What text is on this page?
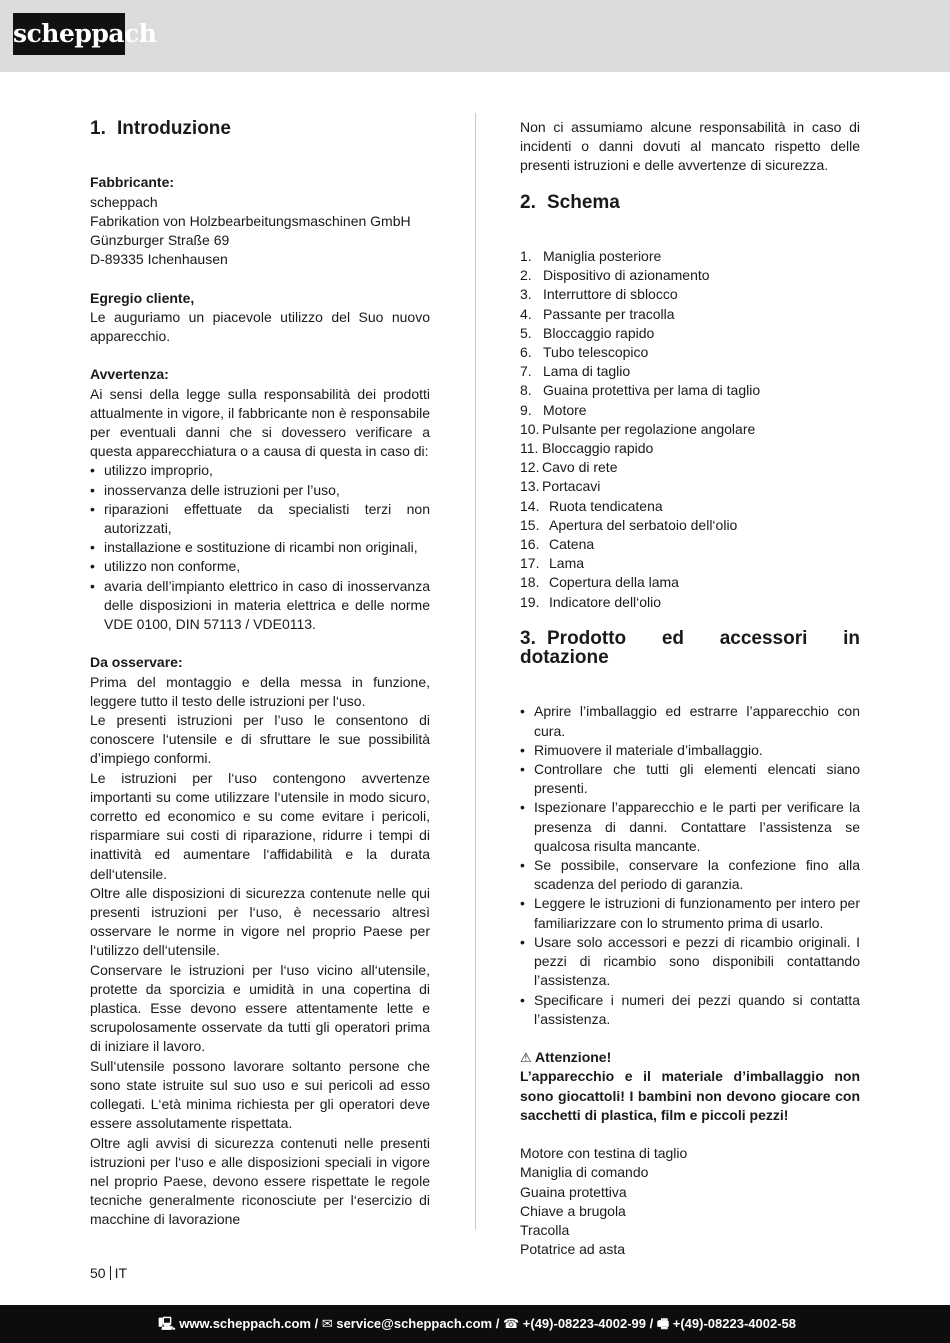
scheppach
1. Introduzione

Fabbricante:

scheppach

Fabrikation von Holzbearbeitungsmaschinen GmbH

Günzburger Straße 69

D-89335 Ichenhausen

Egregio cliente,

Le auguriamo un piacevole utilizzo del Suo nuovo apparecchio.

Avvertenza:

Ai sensi della legge sulla responsabilità dei prodotti attualmente in vigore, il fabbricante non è responsabile per eventuali danni che si dovessero verificare a questa apparecchiatura o a causa di questa in caso di:

• utilizzo improprio,
• inosservanza delle istruzioni per l’uso,
• riparazioni effettuate da specialisti terzi non autorizzati,
• installazione e sostituzione di ricambi non originali,
• utilizzo non conforme,
• avaria dell’impianto elettrico in caso di inosservanza delle disposizioni in materia elettrica e delle norme VDE 0100, DIN 57113 / VDE0113.

Da osservare:

Prima del montaggio e della messa in funzione, leggere tutto il testo delle istruzioni per l‘uso.

Le presenti istruzioni per l’uso le consentono di conoscere l‘utensile e di sfruttare le sue possibilità d’impiego conformi.

Le istruzioni per l‘uso contengono avvertenze importanti su come utilizzare l‘utensile in modo sicuro, corretto ed economico e su come evitare i pericoli, risparmiare sui costi di riparazione, ridurre i tempi di inattività ed aumentare l‘affidabilità e la durata dell‘utensile.

Oltre alle disposizioni di sicurezza contenute nelle qui presenti istruzioni per l‘uso, è necessario altresì osservare le norme in vigore nel proprio Paese per l‘utilizzo dell‘utensile.

Conservare le istruzioni per l‘uso vicino all‘utensile, protette da sporcizia e umidità in una copertina di plastica. Esse devono essere attentamente lette e scrupolosamente osservate da tutti gli operatori prima di iniziare il lavoro.

Sull‘utensile possono lavorare soltanto persone che sono state istruite sul suo uso e sui pericoli ad esso collegati. L‘età minima richiesta per gli operatori deve essere assolutamente rispettata.

Oltre agli avvisi di sicurezza contenuti nelle presenti istruzioni per l‘uso e alle disposizioni speciali in vigore nel proprio Paese, devono essere rispettate le regole tecniche generalmente riconosciute per l‘esercizio di macchine di lavorazione

Non ci assumiamo alcune responsabilità in caso di incidenti o danni dovuti al mancato rispetto delle presenti istruzioni e delle avvertenze di sicurezza.

2. Schema
1. Maniglia posteriore
2. Dispositivo di azionamento
3. Interruttore di sblocco
4. Passante per tracolla
5. Bloccaggio rapido
6. Tubo telescopico
7. Lama di taglio
8. Guaina protettiva per lama di taglio
9. Motore
10. Pulsante per regolazione angolare
11. Bloccaggio rapido
12. Cavo di rete
13. Portacavi
14. Ruota tendicatena
15. Apertura del serbatoio dell‘olio
16. Catena
17. Lama
18. Copertura della lama
19. Indicatore dell‘olio
3. Prodotto ed accessori in dotazione
• Aprire l’imballaggio ed estrarre l’apparecchio con cura.
• Rimuovere il materiale d’imballaggio.
• Controllare che tutti gli elementi elencati siano presenti.
• Ispezionare l’apparecchio e le parti per verificare la presenza di danni. Contattare l’assistenza se qualcosa risulta mancante.
• Se possibile, conservare la confezione fino alla scadenza del periodo di garanzia.
• Leggere le istruzioni di funzionamento per intero per familiarizzare con lo strumento prima di usarlo.
• Usare solo accessori e pezzi di ricambio originali. I pezzi di ricambio sono disponibili contattando l’assistenza.
• Specificare i numeri dei pezzi quando si contatta l’assistenza.

⚠ Attenzione!

L’apparecchio e il materiale d’imballaggio non sono giocattoli! I bambini non devono giocare con sacchetti di plastica, film e piccoli pezzi!

Motore con testina di taglio

Maniglia di comando

Guaina protettiva

Chiave a brugola

Tracolla

Potatrice ad asta

50 IT
🖳 www.scheppach.com / ✉ service@scheppach.com / ☎ +(49)-08223-4002-99 / 🖷 +(49)-08223-4002-58
